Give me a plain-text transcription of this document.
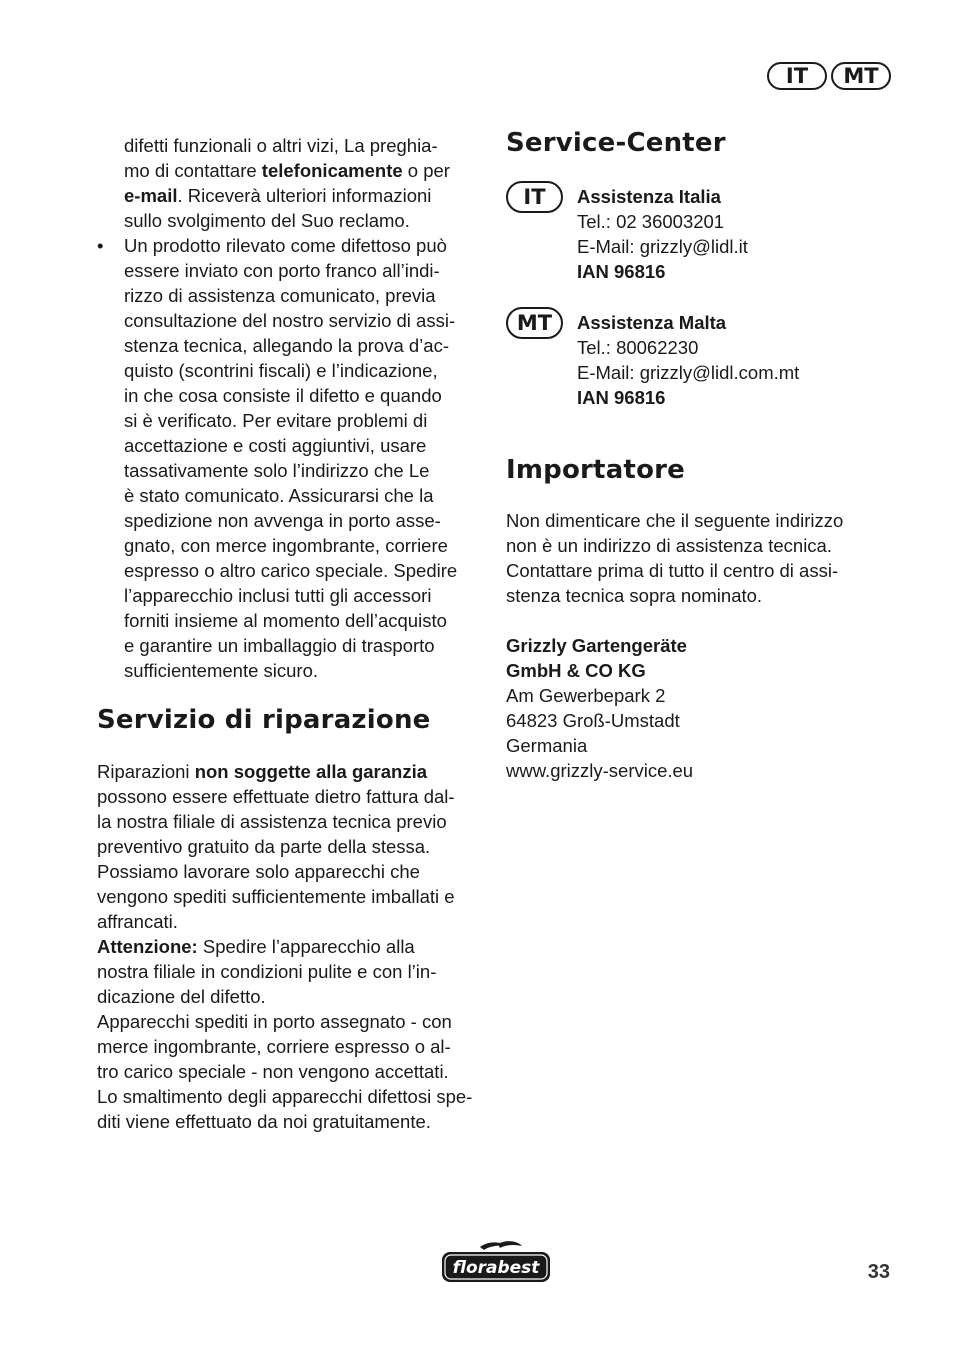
IT	MT
difetti funzionali o altri vizi, La preghia-
mo di contattare telefonicamente o per
e-mail. Riceverà ulteriori informazioni
sullo svolgimento del Suo reclamo.
• Un prodotto rilevato come difettoso può
essere inviato con porto franco all’indi-
rizzo di assistenza comunicato, previa
consultazione del nostro servizio di assi-
stenza tecnica, allegando la prova d’ac-
quisto (scontrini fiscali) e l’indicazione,
in che cosa consiste il difetto e quando
si è verificato. Per evitare problemi di
accettazione e costi aggiuntivi, usare
tassativamente solo l’indirizzo che Le
è stato comunicato. Assicurarsi che la
spedizione non avvenga in porto asse-
gnato, con merce ingombrante, corriere
espresso o altro carico speciale. Spedire
l’apparecchio inclusi tutti gli accessori
forniti insieme al momento dell’acquisto
e garantire un imballaggio di trasporto
sufficientemente sicuro.
Servizio di riparazione
Riparazioni non soggette alla garanzia
possono essere effettuate dietro fattura dal-
la nostra filiale di assistenza tecnica previo
preventivo gratuito da parte della stessa.
Possiamo lavorare solo apparecchi che
vengono spediti sufficientemente imballati e
affrancati.
Attenzione: Spedire l’apparecchio alla
nostra filiale in condizioni pulite e con l’in-
dicazione del difetto.
Apparecchi spediti in porto assegnato - con
merce ingombrante, corriere espresso o al-
tro carico speciale - non vengono accettati.
Lo smaltimento degli apparecchi difettosi spe-
diti viene effettuato da noi gratuitamente.
Service-Center
IT	Assistenza Italia
Tel.: 02 36003201
E-Mail: grizzly@lidl.it
IAN 96816
MT	Assistenza Malta
Tel.: 80062230
E-Mail: grizzly@lidl.com.mt
IAN 96816
Importatore
Non dimenticare che il seguente indirizzo
non è un indirizzo di assistenza tecnica.
Contattare prima di tutto il centro di assi-
stenza tecnica sopra nominato.
Grizzly Gartengeräte
GmbH & CO KG
Am Gewerbepark 2
64823 Groß-Umstadt
Germania
www.grizzly-service.eu
florabest	33
